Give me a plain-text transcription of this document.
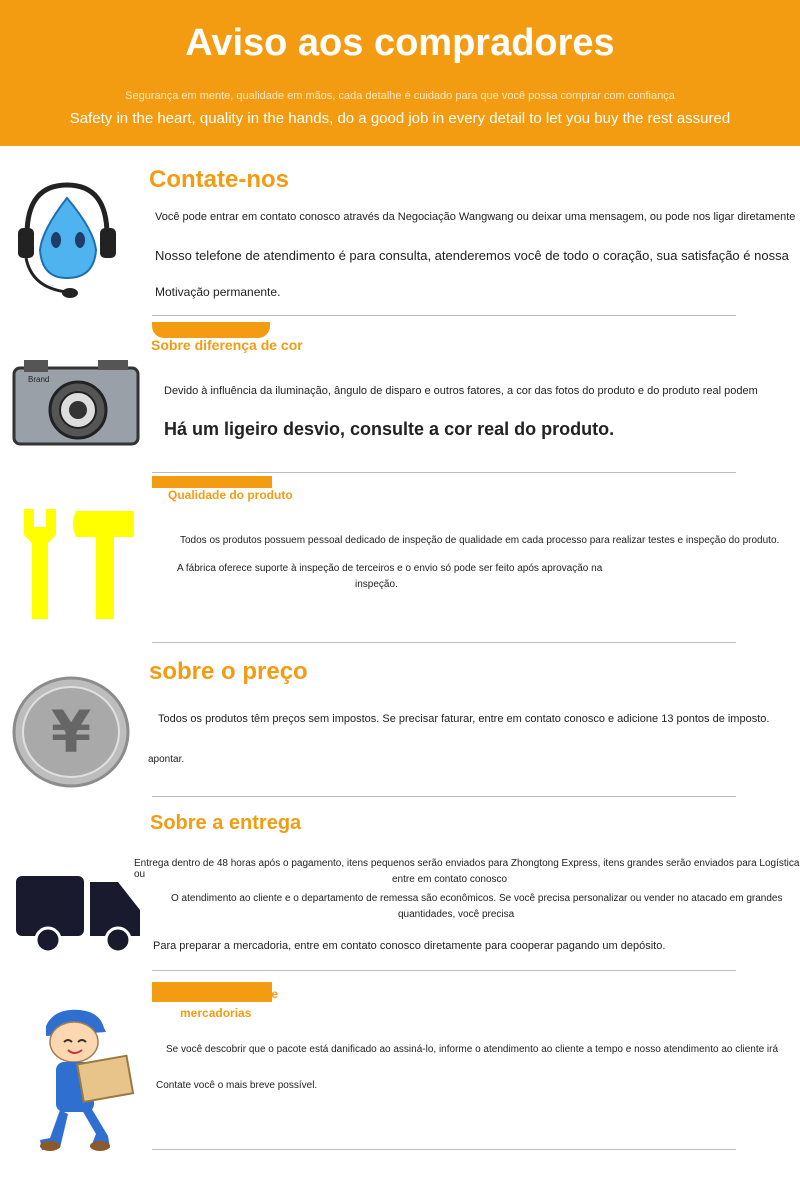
Aviso aos compradores
Segurança em mente, qualidade em mãos, cada detalhe é cuidado para que você possa comprar com confiança
Safety in the heart, quality in the hands, do a good job in every detail to let you buy the rest assured
Contate-nos
Você pode entrar em contato conosco através da Negociação Wangwang ou deixar uma mensagem, ou pode nos ligar diretamente
Nosso telefone de atendimento é para consulta, atenderemos você de todo o coração, sua satisfação é nossa
Motivação permanente.
Sobre diferença de cor
Brand
Devido à influência da iluminação, ângulo de disparo e outros fatores, a cor das fotos do produto e do produto real podem
Há um ligeiro desvio, consulte a cor real do produto.
Qualidade do produto
Todos os produtos possuem pessoal dedicado de inspeção de qualidade em cada processo para realizar testes e inspeção do produto.
A fábrica oferece suporte à inspeção de terceiros e o envio só pode ser feito após aprovação na
inspeção.
sobre o preço
¥	Todos os produtos têm preços sem impostos. Se precisar faturar, entre em contato conosco e adicione 13 pontos de imposto.
apontar.
Sobre a entrega
Entrega dentro de 48 horas após o pagamento, itens pequenos serão enviados para Zhongtong Express, itens grandes serão enviados para Logística ou	entre em contato conosco
O atendimento ao cliente e o departamento de remessa são econômicos. Se você precisa personalizar ou vender no atacado em grandes
quantidades, você precisa
Para preparar a mercadoria, entre em contato conosco diretamente para cooperar pagando um depósito.
Sobre recebimento de
mercadorias
Se você descobrir que o pacote está danificado ao assiná-lo, informe o atendimento ao cliente a tempo e nosso atendimento ao cliente irá
Contate você o mais breve possível.
